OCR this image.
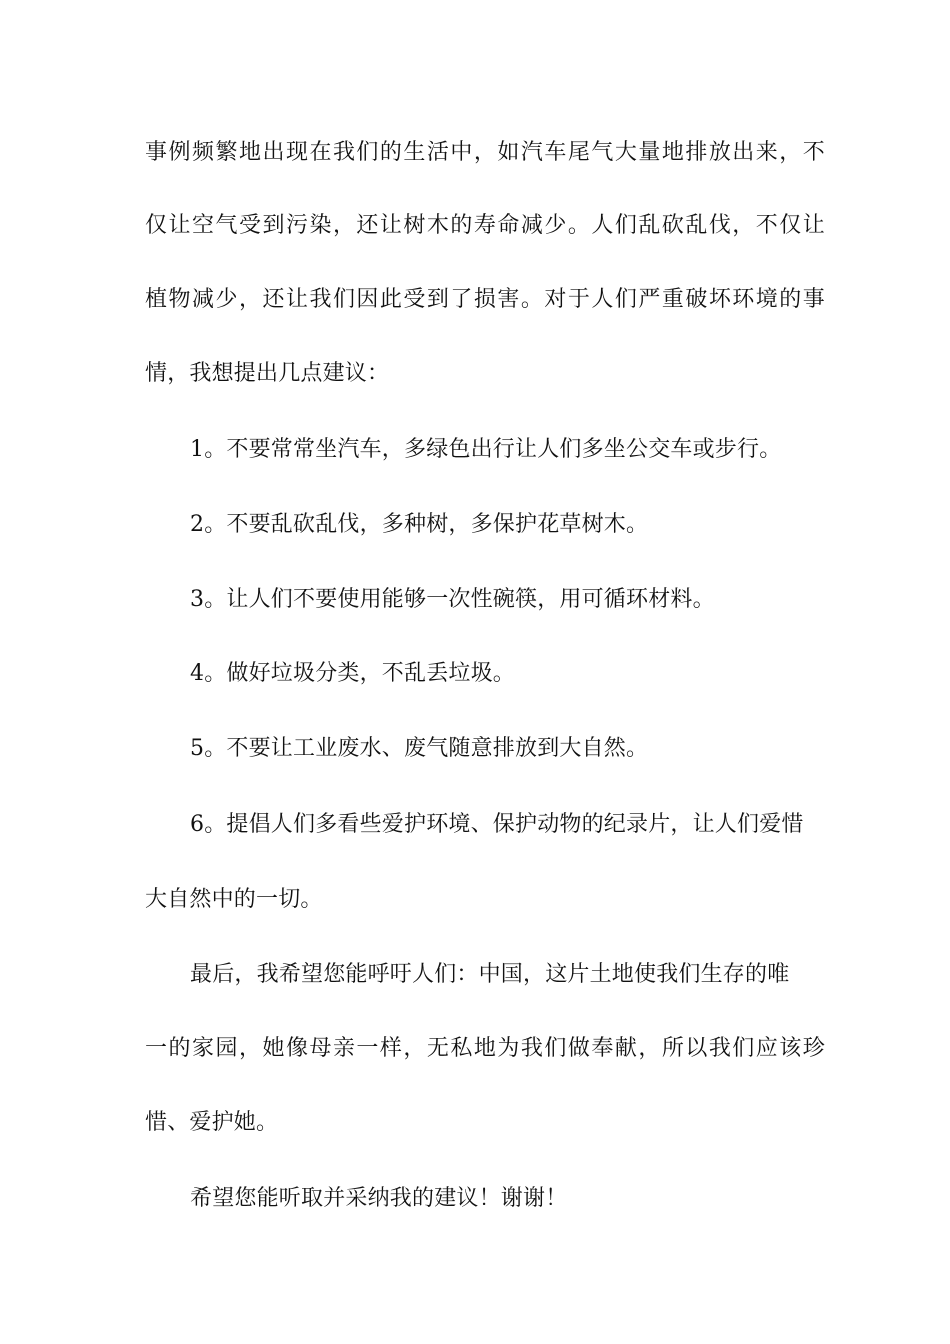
事例频繁地出现在我们的生活中，如汽车尾气大量地排放出来，不
仅让空气受到污染，还让树木的寿命减少。人们乱砍乱伐，不仅让
植物减少，还让我们因此受到了损害。对于人们严重破坏环境的事
情，我想提出几点建议：
1。不要常常坐汽车，多绿色出行让人们多坐公交车或步行。
2。不要乱砍乱伐，多种树，多保护花草树木。
3。让人们不要使用能够一次性碗筷，用可循环材料。
4。做好垃圾分类，不乱丢垃圾。
5。不要让工业废水、废气随意排放到大自然。
6。提倡人们多看些爱护环境、保护动物的纪录片，让人们爱惜
大自然中的一切。
最后，我希望您能呼吁人们：中国，这片土地使我们生存的唯
一的家园，她像母亲一样，无私地为我们做奉献，所以我们应该珍
惜、爱护她。
希望您能听取并采纳我的建议！谢谢！
